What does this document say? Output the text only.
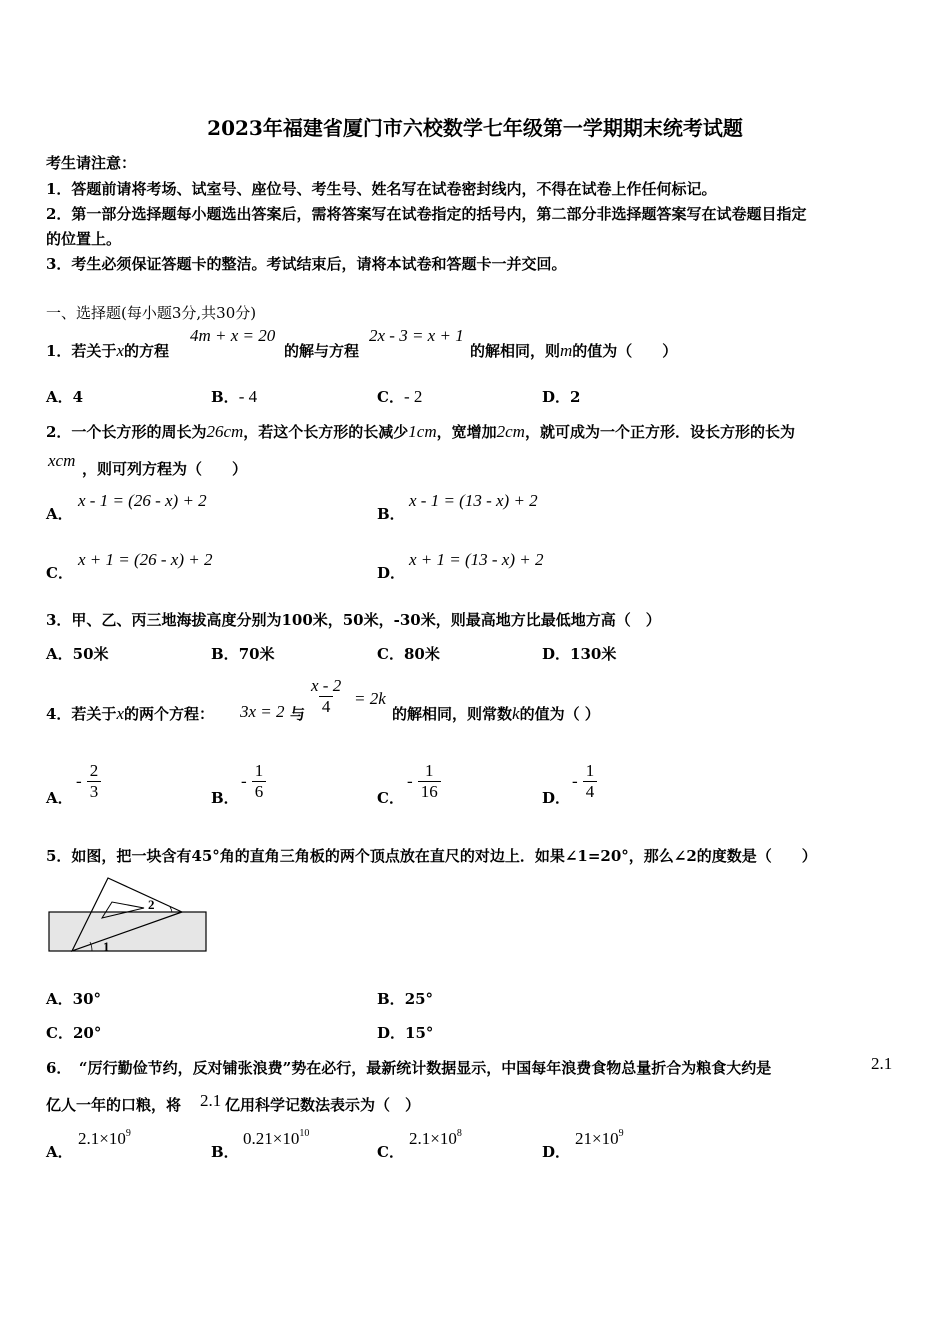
2023年福建省厦门市六校数学七年级第一学期期末统考试题
考生请注意：
1．答题前请将考场、试室号、座位号、考生号、姓名写在试卷密封线内，不得在试卷上作任何标记。
2．第一部分选择题每小题选出答案后，需将答案写在试卷指定的括号内，第二部分非选择题答案写在试卷题目指定
的位置上。
3．考生必须保证答题卡的整洁。考试结束后，请将本试卷和答题卡一并交回。
一、选择题(每小题3分,共30分)
1．若关于x的方程
4m + x = 20
的解与方程
2x - 3 = x + 1
的解相同，则m的值为（　　）
A．4	B．- 4	C．- 2	D．2
2．一个长方形的周长为26cm，若这个长方形的长减少1cm，宽增加2cm，就可成为一个正方形．设长方形的长为
xcm ，则可列方程为（　　）
A．
x - 1 = (26 - x) + 2
B．
x - 1 = (13 - x) + 2
C．
x + 1 = (26 - x) + 2
D．
x + 1 = (13 - x) + 2
3．甲、乙、丙三地海拔高度分别为100米，50米，-30米，则最高地方比最低地方高（　）
A．50米	B．70米	C．80米	D．130米
4．若关于x的两个方程： 3x = 2 与 $\frac{x - 2}{4} = 2k$
的解相同，则常数k的值为（ ）
A．
- $\frac{2}{3}$	B．
- $\frac{1}{6}$	C．
- $\frac{1}{16}$	D．
- $\frac{1}{4}$
5．如图，把一块含有45°角的直角三角板的两个顶点放在直尺的对边上．如果∠1=20°，那么∠2的度数是（　　）
1
2
A．30°	B．25°
C．20°	D．15°
6．　“厉行勤俭节约，反对铺张浪费”势在必行，最新统计数据显示，中国每年浪费食物总量折合为粮食大约是	2.1
亿人一年的口粮，将 2.1 亿用科学记数法表示为（　）
A．
$2.1\times 10^9$
B．
$0.21\times 10^{10}$
C．
$2.1\times 10^8$
D．
$21\times 10^9$
